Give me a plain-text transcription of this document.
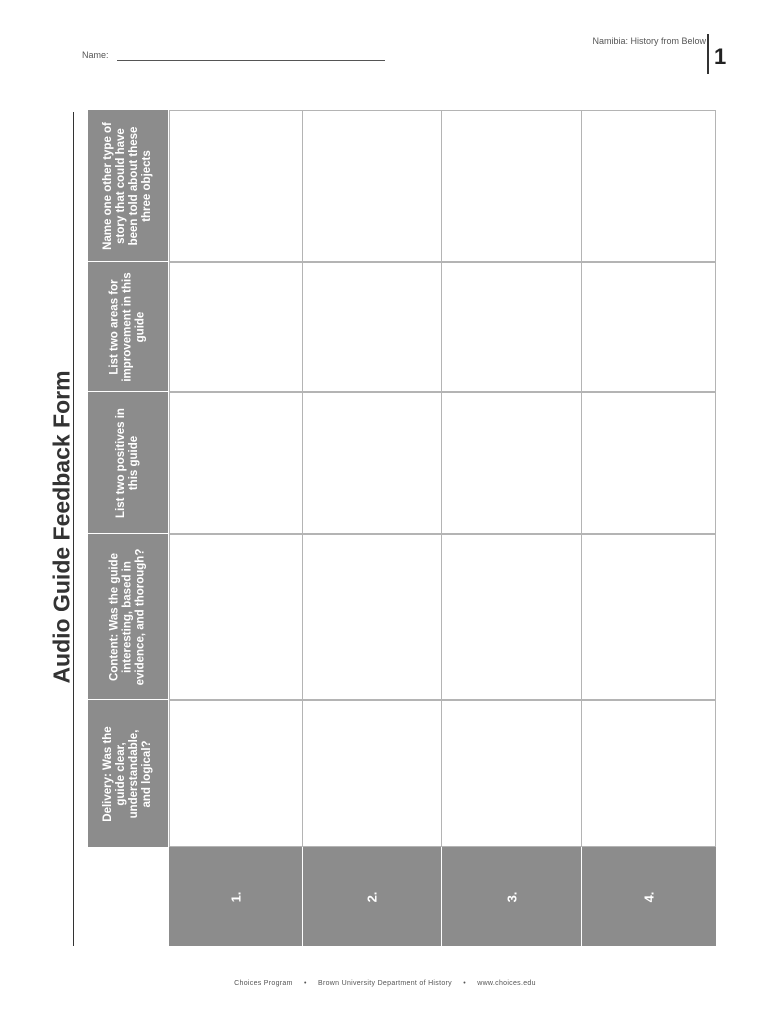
Name:
Namibia: History from Below
1
Audio Guide Feedback Form
Name one other type of story that could have been told about these three objects
List two areas for improvement in this guide
List two positives in this guide
Content: Was the guide interesting, based in evidence, and thorough?
Delivery: Was the guide clear, understandable, and logical?
1.	2.	3.	4.
Choices Program • Brown University Department of History • www.choices.edu
